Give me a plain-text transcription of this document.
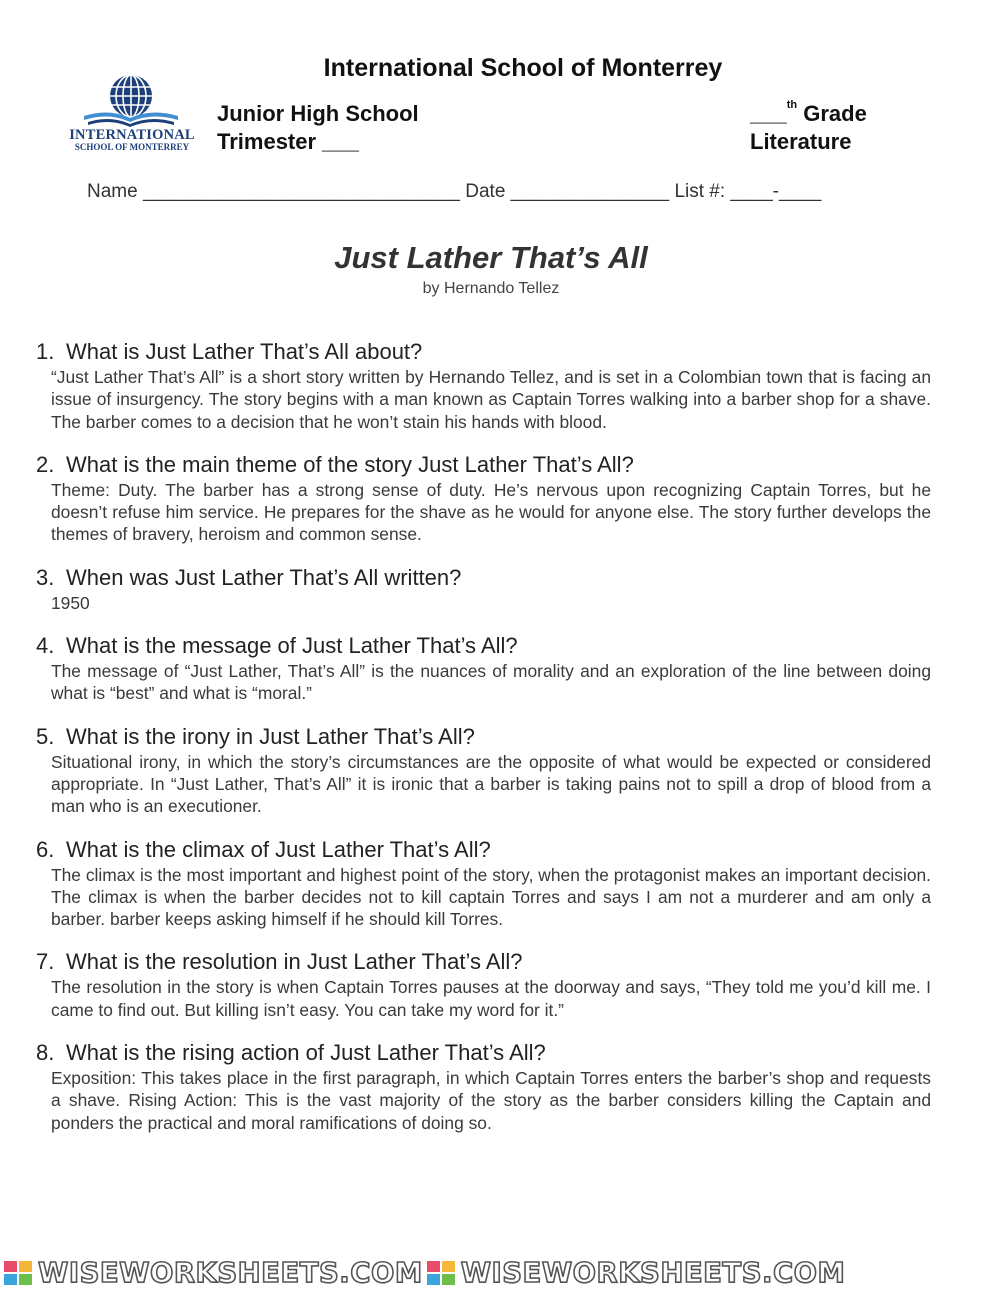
International School of Monterrey
INTERNATIONAL
SCHOOL OF MONTERREY
Junior High School
Trimester ___
___$^{th}$ Grade
Literature
Name ______________________________ Date _______________ List #: ____-____
Just Lather That’s All
by Hernando Tellez
1. What is Just Lather That’s All about?
“Just Lather That’s All” is a short story written by Hernando Tellez, and is set in a Colombian town that is facing an issue of insurgency. The story begins with a man known as Captain Torres walking into a barber shop for a shave. The barber comes to a decision that he won’t stain his hands with blood.
2. What is the main theme of the story Just Lather That’s All?
Theme: Duty. The barber has a strong sense of duty. He’s nervous upon recognizing Captain Torres, but he doesn’t refuse him service. He prepares for the shave as he would for anyone else. The story further develops the themes of bravery, heroism and common sense.
3. When was Just Lather That’s All written?
1950
4. What is the message of Just Lather That’s All?
The message of “Just Lather, That’s All” is the nuances of morality and an exploration of the line between doing what is “best” and what is “moral.”
5. What is the irony in Just Lather That’s All?
Situational irony, in which the story’s circumstances are the opposite of what would be expected or considered appropriate. In “Just Lather, That’s All” it is ironic that a barber is taking pains not to spill a drop of blood from a man who is an executioner.
6. What is the climax of Just Lather That’s All?
The climax is the most important and highest point of the story, when the protagonist makes an important decision. The climax is when the barber decides not to kill captain Torres and says I am not a murderer and am only a barber. barber keeps asking himself if he should kill Torres.
7. What is the resolution in Just Lather That’s All?
The resolution in the story is when Captain Torres pauses at the doorway and says, “They told me you’d kill me. I came to find out. But killing isn’t easy. You can take my word for it.”
8. What is the rising action of Just Lather That’s All?
Exposition: This takes place in the first paragraph, in which Captain Torres enters the barber’s shop and requests a shave. Rising Action: This is the vast majority of the story as the barber considers killing the Captain and ponders the practical and moral ramifications of doing so.
WISEWORKSHEETS.COM WISEWORKSHEETS.COM
